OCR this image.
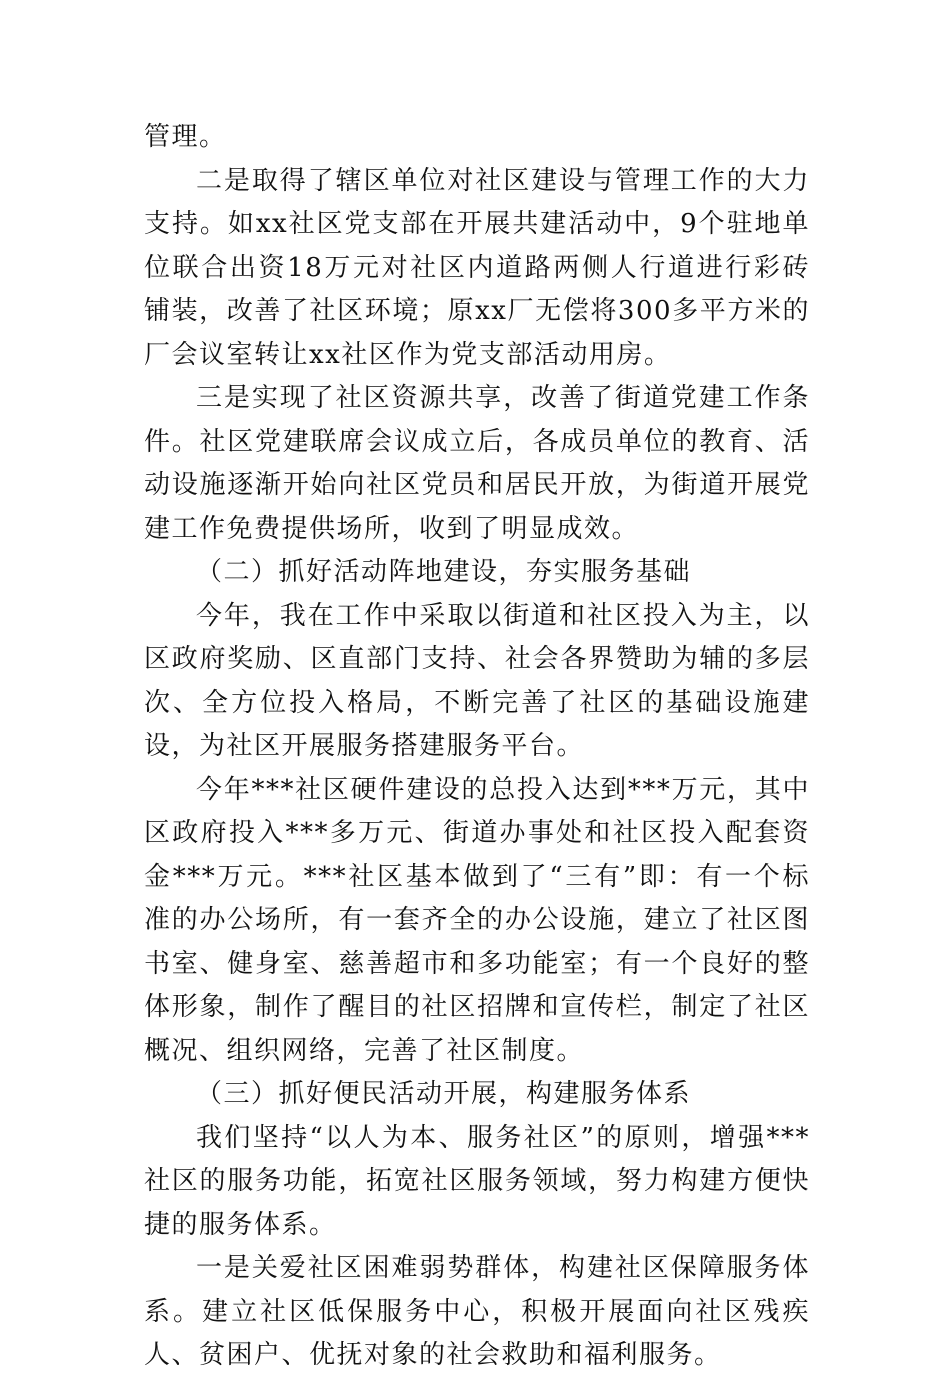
管理。

二是取得了辖区单位对社区建设与管理工作的大力支持。如xx社区党支部在开展共建活动中，9个驻地单位联合出资18万元对社区内道路两侧人行道进行彩砖铺装，改善了社区环境；原xx厂无偿将300多平方米的厂会议室转让xx社区作为党支部活动用房。

三是实现了社区资源共享，改善了街道党建工作条件。社区党建联席会议成立后，各成员单位的教育、活动设施逐渐开始向社区党员和居民开放，为街道开展党建工作免费提供场所，收到了明显成效。

（二）抓好活动阵地建设，夯实服务基础

今年，我在工作中采取以街道和社区投入为主，以区政府奖励、区直部门支持、社会各界赞助为辅的多层次、全方位投入格局，不断完善了社区的基础设施建设，为社区开展服务搭建服务平台。

今年***社区硬件建设的总投入达到***万元，其中区政府投入***多万元、街道办事处和社区投入配套资金***万元。***社区基本做到了“三有”即：有一个标准的办公场所，有一套齐全的办公设施，建立了社区图书室、健身室、慈善超市和多功能室；有一个良好的整体形象，制作了醒目的社区招牌和宣传栏，制定了社区概况、组织网络，完善了社区制度。

（三）抓好便民活动开展，构建服务体系

我们坚持“以人为本、服务社区”的原则，增强***社区的服务功能，拓宽社区服务领域，努力构建方便快捷的服务体系。

一是关爱社区困难弱势群体，构建社区保障服务体系。建立社区低保服务中心，积极开展面向社区残疾人、贫困户、优抚对象的社会救助和福利服务。
